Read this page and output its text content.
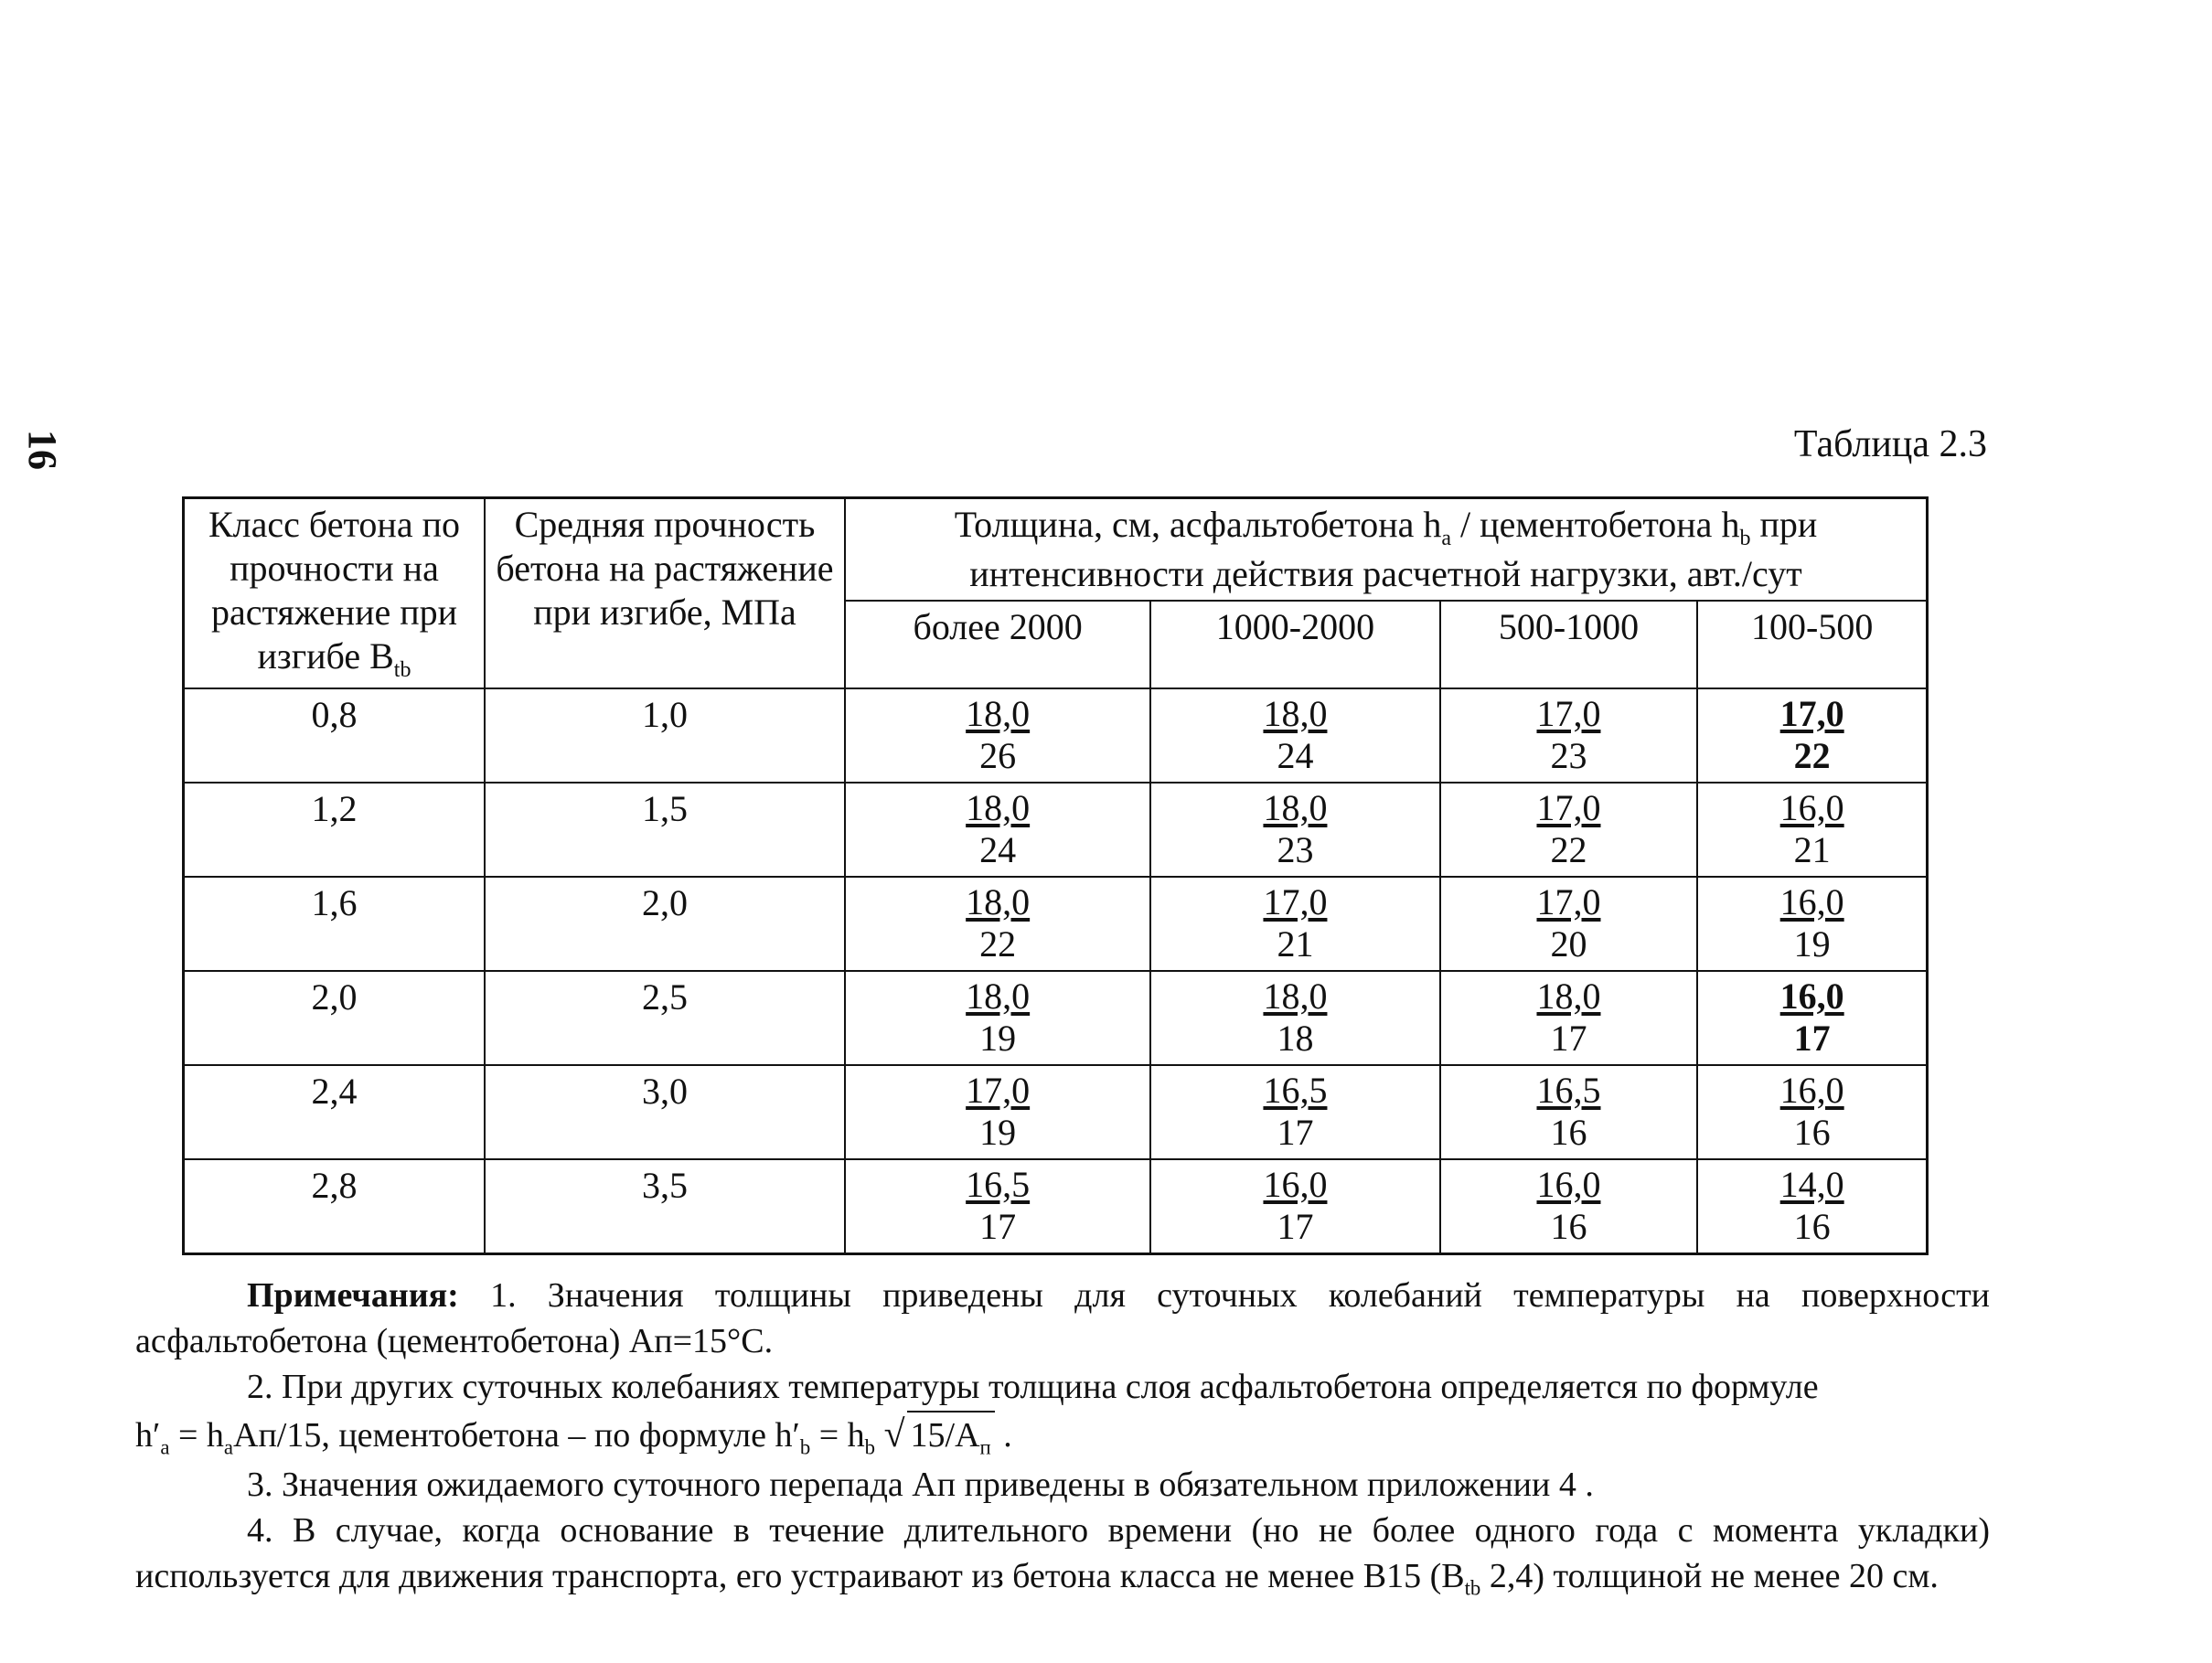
16	Таблица 2.3
Класс бетона по прочности на растяжение при изгибе $B_{tb}$	Средняя прочность бетона на растяжение при изгибе, МПа	Толщина, см, асфальтобетона $h_a$ / цементобетона $h_b$ при интенсивности действия расчетной нагрузки, авт./сут			
		более 2000	1000-2000	500-1000	100-500
0,8	1,0	$\frac{18,0}{26}$	$\frac{18,0}{24}$	$\frac{17,0}{23}$	$\frac{17,0}{22}$

1,2	1,5	$\frac{18,0}{24}$	$\frac{18,0}{23}$	$\frac{17,0}{22}$	$\frac{16,0}{21}$

1,6	2,0	$\frac{18,0}{22}$	$\frac{17,0}{21}$	$\frac{17,0}{20}$	$\frac{16,0}{19}$

2,0	2,5	$\frac{18,0}{19}$	$\frac{18,0}{18}$	$\frac{18,0}{17}$	$\frac{16,0}{17}$

2,4	3,0	$\frac{17,0}{19}$	$\frac{16,5}{17}$	$\frac{16,5}{16}$	$\frac{16,0}{16}$

2,8	3,5	$\frac{16,5}{17}$	$\frac{16,0}{17}$	$\frac{16,0}{16}$	$\frac{14,0}{16}$

Примечания: 1. Значения толщины приведены для суточных колебаний температуры на поверхности асфальтобетона (цементобетона) Ап=15°С.

2. При других суточных колебаниях температуры толщина слоя асфальтобетона определяется по формуле

$h'_a = h_aАп/15$, цементобетона – по формуле $h'_b = h_b$ √ $15/A_п$ .

3. Значения ожидаемого суточного перепада Ап приведены в обязательном приложении 4 .

4. В случае, когда основание в течение длительного времени (но не более одного года с момента укладки) используется для движения транспорта, его устраивают из бетона класса не менее B15 ($B_{tb}$ 2,4) толщиной не менее 20 см.
